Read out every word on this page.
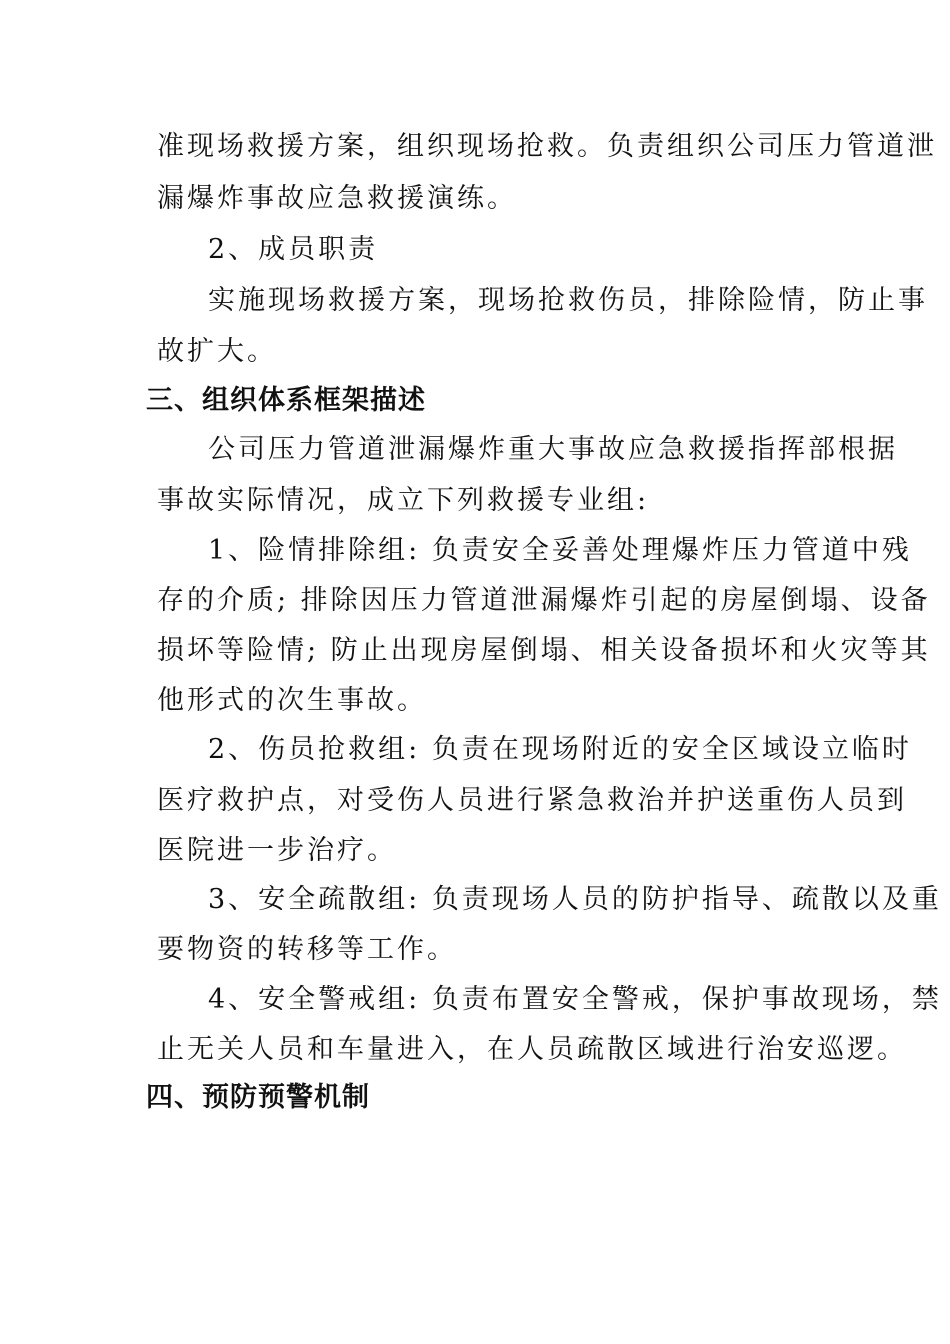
准现场救援方案，组织现场抢救。负责组织公司压力管道泄
漏爆炸事故应急救援演练。
2、成员职责
实施现场救援方案，现场抢救伤员，排除险情，防止事
故扩大。
三、组织体系框架描述
公司压力管道泄漏爆炸重大事故应急救援指挥部根据
事故实际情况，成立下列救援专业组:
1、险情排除组: 负责安全妥善处理爆炸压力管道中残
存的介质; 排除因压力管道泄漏爆炸引起的房屋倒塌、设备
损坏等险情; 防止出现房屋倒塌、相关设备损坏和火灾等其
他形式的次生事故。
2、伤员抢救组: 负责在现场附近的安全区域设立临时
医疗救护点，对受伤人员进行紧急救治并护送重伤人员到
医院进一步治疗。
3、安全疏散组: 负责现场人员的防护指导、疏散以及重
要物资的转移等工作。
4、安全警戒组: 负责布置安全警戒，保护事故现场，禁
止无关人员和车量进入，在人员疏散区域进行治安巡逻。
四、预防预警机制
